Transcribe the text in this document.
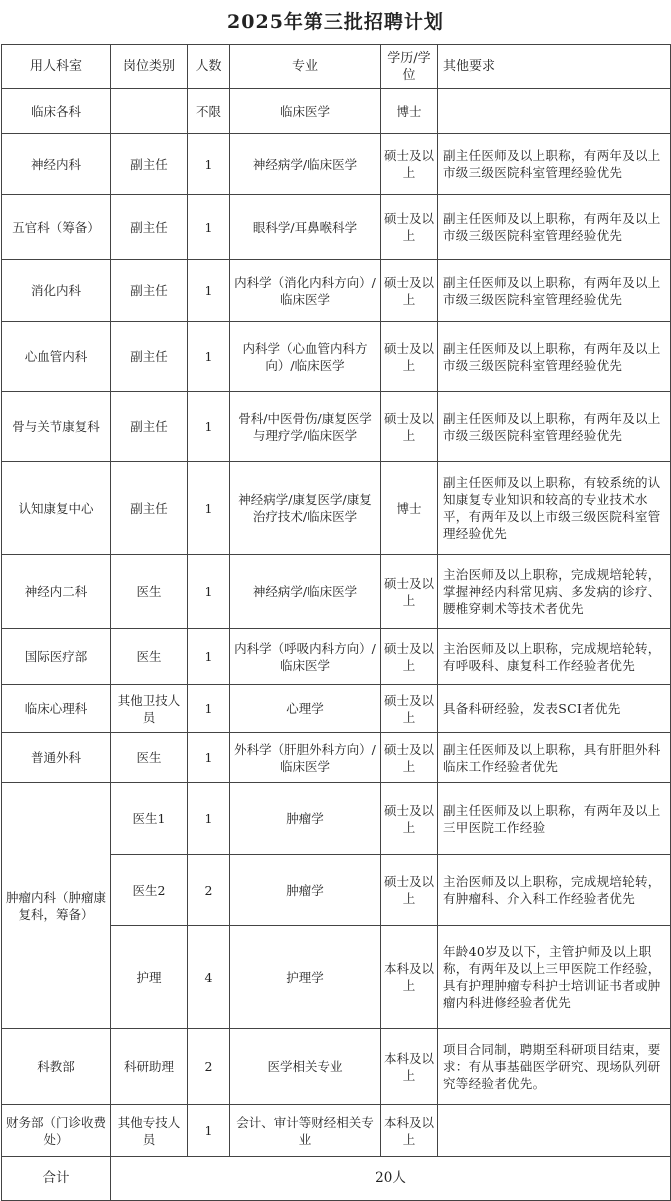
2025年第三批招聘计划
用人科室	岗位类别	人数	专业	学历/学位	其他要求
临床各科		不限	临床医学	博士	
神经内科	副主任	1	神经病学/临床医学	硕士及以上	副主任医师及以上职称，有两年及以上市级三级医院科室管理经验优先
五官科（筹备）	副主任	1	眼科学/耳鼻喉科学	硕士及以上	副主任医师及以上职称，有两年及以上市级三级医院科室管理经验优先
消化内科	副主任	1	内科学（消化内科方向）/临床医学	硕士及以上	副主任医师及以上职称，有两年及以上市级三级医院科室管理经验优先
心血管内科	副主任	1	内科学（心血管内科方向）/临床医学	硕士及以上	副主任医师及以上职称，有两年及以上市级三级医院科室管理经验优先
骨与关节康复科	副主任	1	骨科/中医骨伤/康复医学与理疗学/临床医学	硕士及以上	副主任医师及以上职称，有两年及以上市级三级医院科室管理经验优先
认知康复中心	副主任	1	神经病学/康复医学/康复治疗技术/临床医学	博士	副主任医师及以上职称，有较系统的认知康复专业知识和较高的专业技术水平，有两年及以上市级三级医院科室管理经验优先
神经内二科	医生	1	神经病学/临床医学	硕士及以上	主治医师及以上职称，完成规培轮转，掌握神经内科常见病、多发病的诊疗、腰椎穿刺术等技术者优先
国际医疗部	医生	1	内科学（呼吸内科方向）/临床医学	硕士及以上	主治医师及以上职称，完成规培轮转，有呼吸科、康复科工作经验者优先
临床心理科	其他卫技人员	1	心理学	硕士及以上	具备科研经验，发表SCI者优先
普通外科	医生	1	外科学（肝胆外科方向）/临床医学	硕士及以上	副主任医师及以上职称，具有肝胆外科临床工作经验者优先
肿瘤内科（肿瘤康复科，筹备）	医生1	1	肿瘤学	硕士及以上	副主任医师及以上职称，有两年及以上三甲医院工作经验
	医生2	2	肿瘤学	硕士及以上	主治医师及以上职称，完成规培轮转，有肿瘤科、介入科工作经验者优先
	护理	4	护理学	本科及以上	年龄40岁及以下，主管护师及以上职称，有两年及以上三甲医院工作经验，具有护理肿瘤专科护士培训证书者或肿瘤内科进修经验者优先
科教部	科研助理	2	医学相关专业	本科及以上	项目合同制，聘期至科研项目结束，要求：有从事基础医学研究、现场队列研究等经验者优先。
财务部（门诊收费处）	其他专技人员	1	会计、审计等财经相关专业	本科及以上	
合计	20人				
